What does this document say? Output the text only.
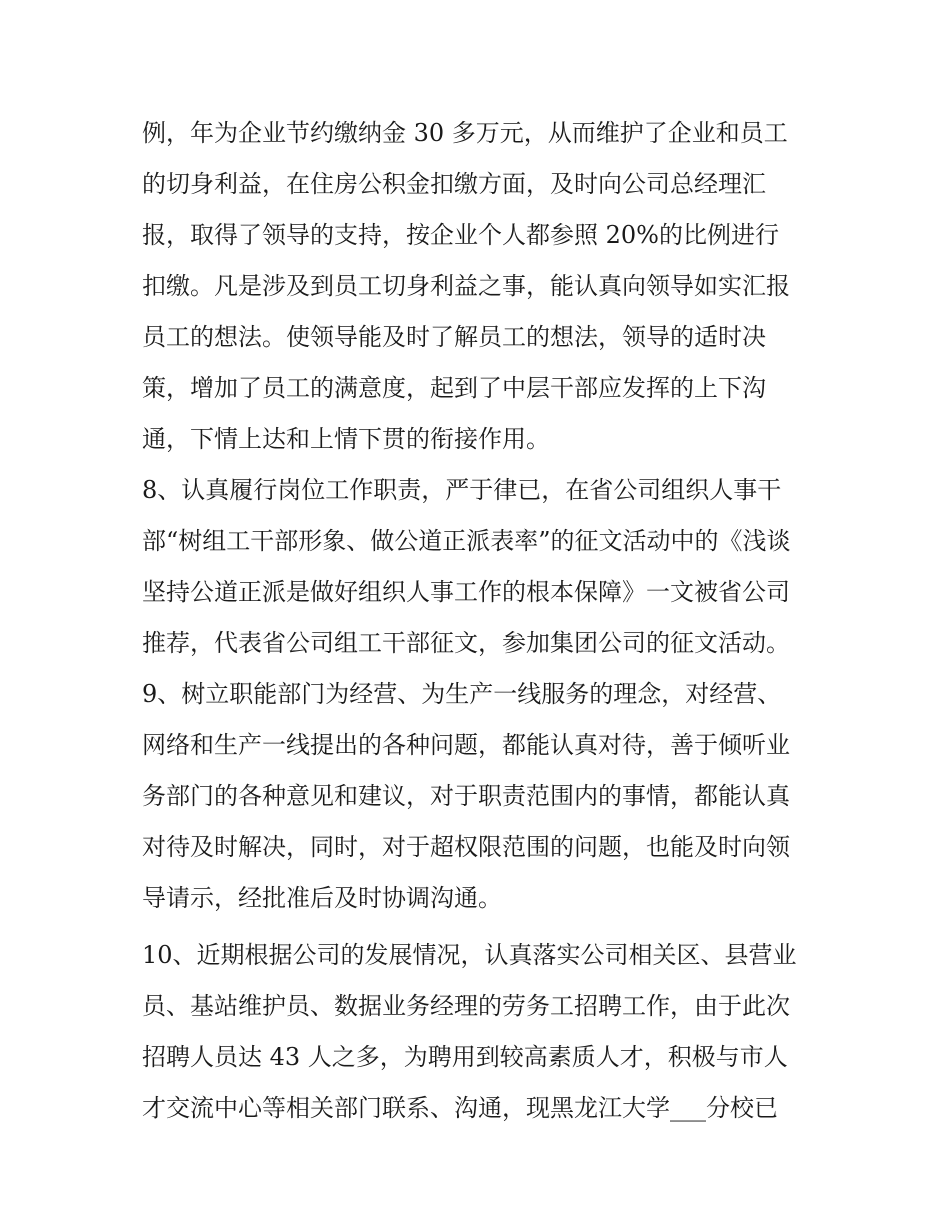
例，年为企业节约缴纳金 30 多万元，从而维护了企业和员工
的切身利益，在住房公积金扣缴方面，及时向公司总经理汇
报，取得了领导的支持，按企业个人都参照 20%的比例进行
扣缴。凡是涉及到员工切身利益之事，能认真向领导如实汇报
员工的想法。使领导能及时了解员工的想法，领导的适时决
策，增加了员工的满意度，起到了中层干部应发挥的上下沟
通，下情上达和上情下贯的衔接作用。
8、认真履行岗位工作职责，严于律已，在省公司组织人事干
部“树组工干部形象、做公道正派表率”的征文活动中的《浅谈
坚持公道正派是做好组织人事工作的根本保障》一文被省公司
推荐，代表省公司组工干部征文，参加集团公司的征文活动。
9、树立职能部门为经营、为生产一线服务的理念，对经营、
网络和生产一线提出的各种问题，都能认真对待，善于倾听业
务部门的各种意见和建议，对于职责范围内的事情，都能认真
对待及时解决，同时，对于超权限范围的问题，也能及时向领
导请示，经批准后及时协调沟通。
10、近期根据公司的发展情况，认真落实公司相关区、县营业
员、基站维护员、数据业务经理的劳务工招聘工作，由于此次
招聘人员达 43 人之多，为聘用到较高素质人才，积极与市人
才交流中心等相关部门联系、沟通，现黑龙江大学___分校已
